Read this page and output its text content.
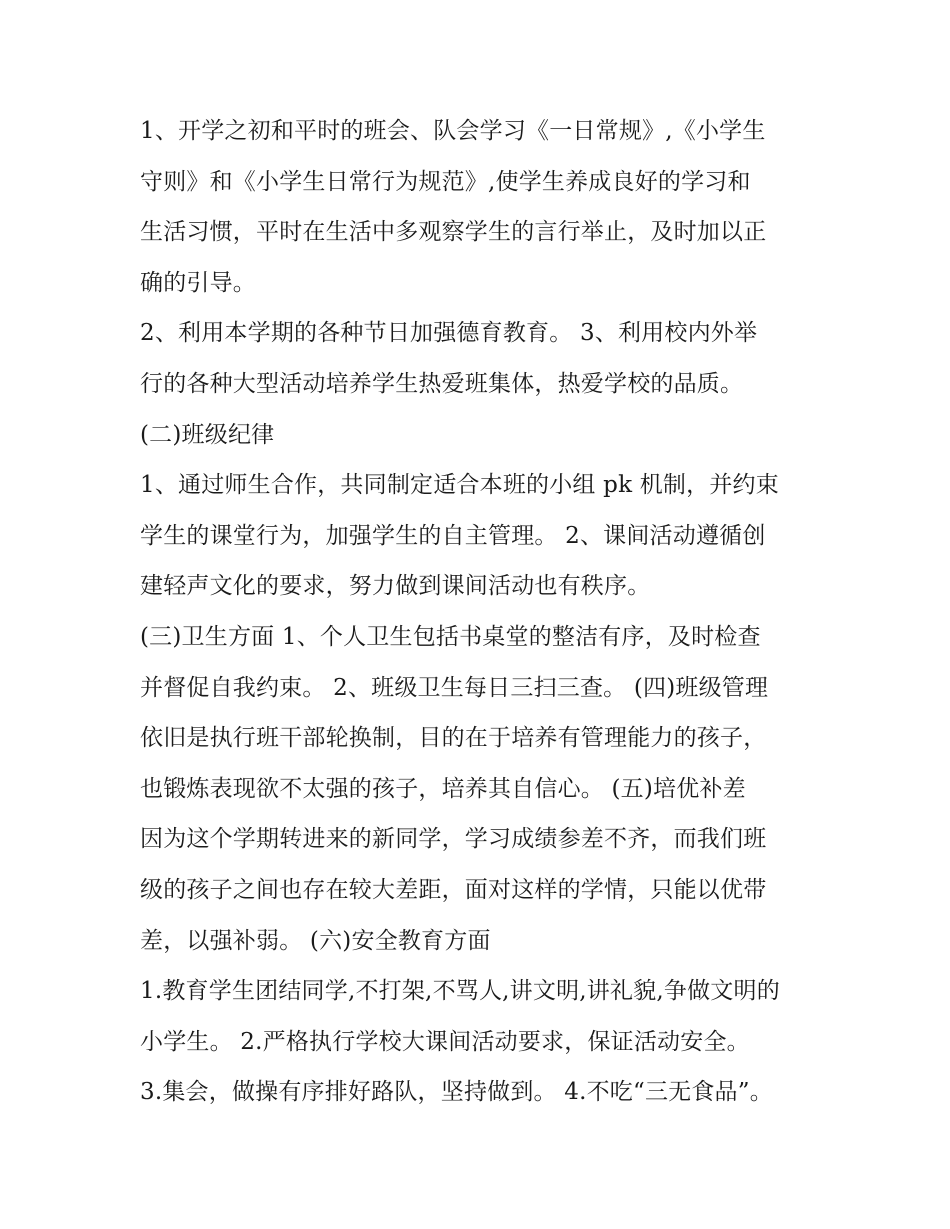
1、开学之初和平时的班会、队会学习《一日常规》,《小学生
守则》和《小学生日常行为规范》,使学生养成良好的学习和
生活习惯，平时在生活中多观察学生的言行举止，及时加以正
确的引导。
2、利用本学期的各种节日加强德育教育。 3、利用校内外举
行的各种大型活动培养学生热爱班集体，热爱学校的品质。
(二)班级纪律
1、通过师生合作，共同制定适合本班的小组 pk 机制，并约束
学生的课堂行为，加强学生的自主管理。 2、课间活动遵循创
建轻声文化的要求，努力做到课间活动也有秩序。
(三)卫生方面 1、个人卫生包括书桌堂的整洁有序，及时检查
并督促自我约束。 2、班级卫生每日三扫三查。 (四)班级管理
依旧是执行班干部轮换制，目的在于培养有管理能力的孩子，
也锻炼表现欲不太强的孩子，培养其自信心。 (五)培优补差
因为这个学期转进来的新同学，学习成绩参差不齐，而我们班
级的孩子之间也存在较大差距，面对这样的学情，只能以优带
差，以强补弱。 (六)安全教育方面
1.教育学生团结同学,不打架,不骂人,讲文明,讲礼貌,争做文明的
小学生。 2.严格执行学校大课间活动要求，保证活动安全。
3.集会，做操有序排好路队，坚持做到。 4.不吃“三无食品”。
